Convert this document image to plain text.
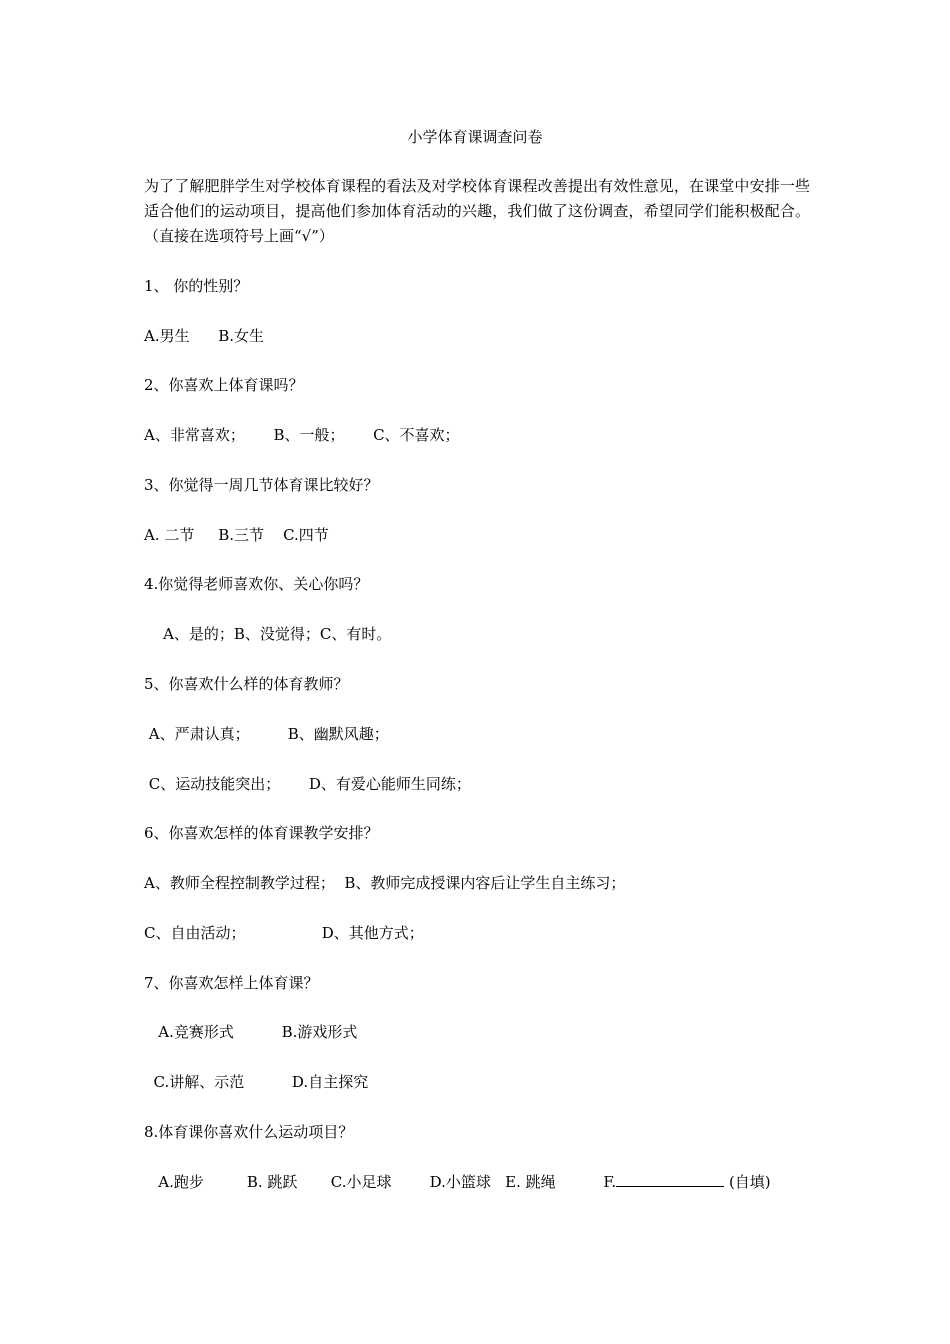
小学体育课调查问卷
为了了解肥胖学生对学校体育课程的看法及对学校体育课程改善提出有效性意见，在课堂中安排一些适合他们的运动项目，提高他们参加体育活动的兴趣，我们做了这份调查，希望同学们能积极配合。 （直接在选项符号上画“√”）
1、 你的性别？
A.男生      B.女生
2、你喜欢上体育课吗？
A、非常喜欢；      B、一般；      C、不喜欢；
3、你觉得一周几节体育课比较好？
A. 二节     B.三节    C.四节
4.你觉得老师喜欢你、关心你吗？
A、是的；B、没觉得；C、有时。
5、你喜欢什么样的体育教师？
A、严肃认真；        B、幽默风趣；
C、运动技能突出；      D、有爱心能师生同练；
6、你喜欢怎样的体育课教学安排？
A、教师全程控制教学过程；  B、教师完成授课内容后让学生自主练习；
C、自由活动；                D、其他方式；
7、你喜欢怎样上体育课？
A.竞赛形式          B.游戏形式
C.讲解、示范          D.自主探究
8.体育课你喜欢什么运动项目？
A.跑步         B. 跳跃       C.小足球        D.小篮球   E. 跳绳          F.	(自填)
